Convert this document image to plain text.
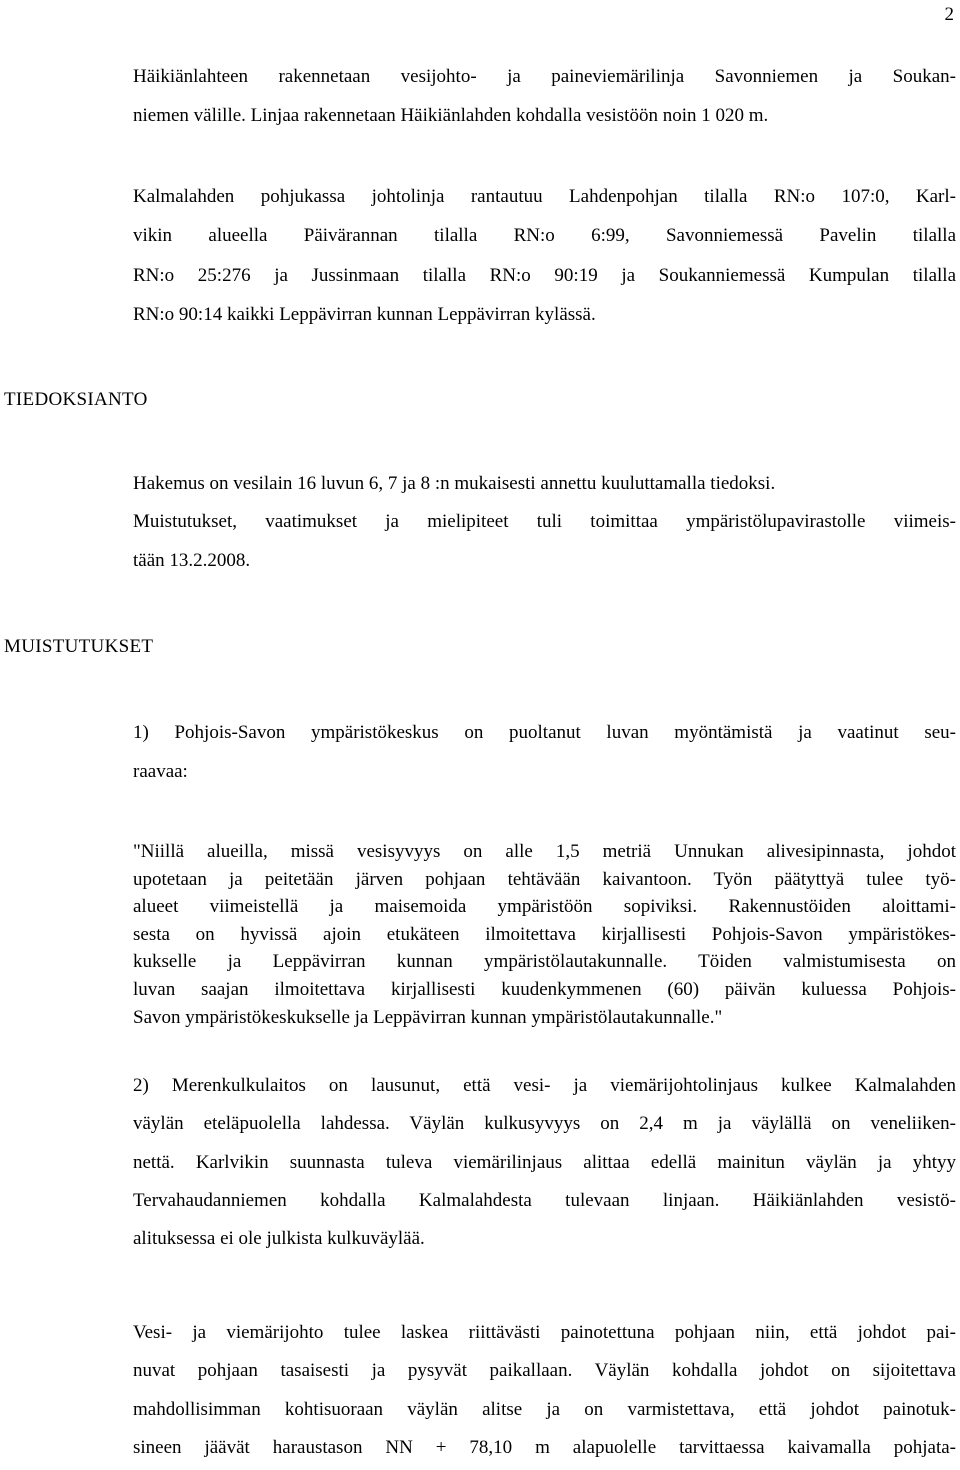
2

Häikiänlahteen rakennetaan vesijohto- ja paineviemärilinja Savonniemen ja Soukan-
niemen välille. Linjaa rakennetaan Häikiänlahden kohdalla vesistöön noin 1 020 m.

Kalmalahden pohjukassa johtolinja rantautuu Lahdenpohjan tilalla RN:o 107:0, Karl-
vikin alueella Päivärannan tilalla RN:o 6:99, Savonniemessä Pavelin tilalla
RN:o 25:276 ja Jussinmaan tilalla RN:o 90:19 ja Soukanniemessä Kumpulan tilalla
RN:o 90:14 kaikki Leppävirran kunnan Leppävirran kylässä.

TIEDOKSIANTO

Hakemus on vesilain 16 luvun 6, 7 ja 8 :n mukaisesti annettu kuuluttamalla tiedoksi.
Muistutukset, vaatimukset ja mielipiteet tuli toimittaa ympäristölupavirastolle viimeis-
tään 13.2.2008.

MUISTUTUKSET

1) Pohjois-Savon ympäristökeskus on puoltanut luvan myöntämistä ja vaatinut seu-
raavaa:

"Niillä alueilla, missä vesisyvyys on alle 1,5 metriä Unnukan alivesipinnasta, johdot
upotetaan ja peitetään järven pohjaan tehtävään kaivantoon. Työn päätyttyä tulee työ-
alueet viimeistellä ja maisemoida ympäristöön sopiviksi. Rakennustöiden aloittami-
sesta on hyvissä ajoin etukäteen ilmoitettava kirjallisesti Pohjois-Savon ympäristökes-
kukselle ja Leppävirran kunnan ympäristölautakunnalle. Töiden valmistumisesta on
luvan saajan ilmoitettava kirjallisesti kuudenkymmenen (60) päivän kuluessa Pohjois-
Savon ympäristökeskukselle ja Leppävirran kunnan ympäristölautakunnalle."

2) Merenkulkulaitos on lausunut, että vesi- ja viemärijohtolinjaus kulkee Kalmalahden
väylän eteläpuolella lahdessa. Väylän kulkusyvyys on 2,4 m ja väylällä on veneliiken-
nettä. Karlvikin suunnasta tuleva viemärilinjaus alittaa edellä mainitun väylän ja yhtyy
Tervahaudanniemen kohdalla Kalmalahdesta tulevaan linjaan. Häikiänlahden vesistö-
alituksessa ei ole julkista kulkuväylää.

Vesi- ja viemärijohto tulee laskea riittävästi painotettuna pohjaan niin, että johdot pai-
nuvat pohjaan tasaisesti ja pysyvät paikallaan. Väylän kohdalla johdot on sijoitettava
mahdollisimman kohtisuoraan väylän alitse ja on varmistettava, että johdot painotuk-
sineen jäävät haraustason NN + 78,10 m alapuolelle tarvittaessa kaivamalla pohjata-
